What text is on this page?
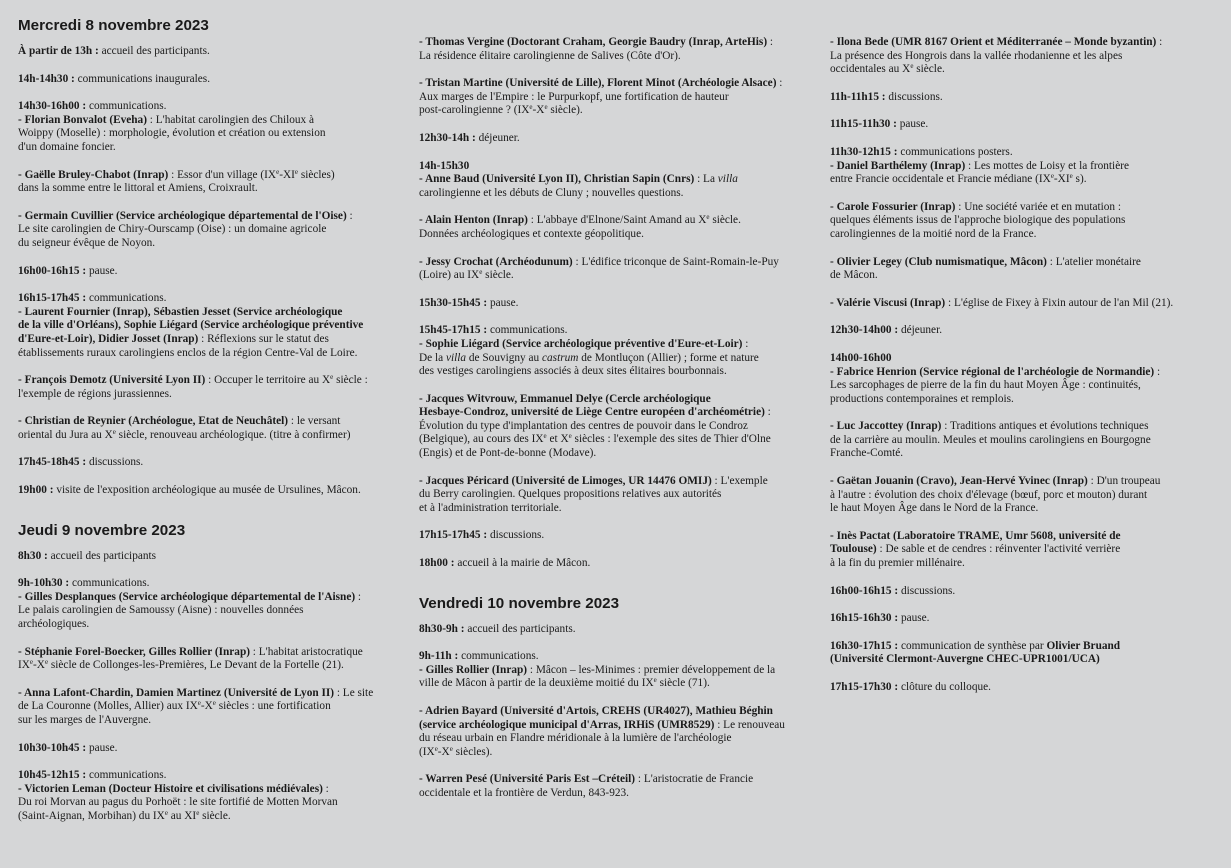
Mercredi 8 novembre 2023
À partir de 13h : accueil des participants.
14h-14h30 : communications inaugurales.
14h30-16h00 : communications.
- Florian Bonvalot (Eveha) : L'habitat carolingien des Chiloux à
Woippy (Moselle) : morphologie, évolution et création ou extension
d'un domaine foncier.
- Gaëlle Bruley-Chabot (Inrap) : Essor d'un village (IXe-XIe siècles)
dans la somme entre le littoral et Amiens, Croixrault.
- Germain Cuvillier (Service archéologique départemental de l'Oise) :
Le site carolingien de Chiry-Ourscamp (Oise) : un domaine agricole
du seigneur évêque de Noyon.
16h00-16h15 : pause.
16h15-17h45 : communications.
- Laurent Fournier (Inrap), Sébastien Jesset (Service archéologique
de la ville d'Orléans), Sophie Liégard (Service archéologique préventive
d'Eure-et-Loir), Didier Josset (Inrap) : Réflexions sur le statut des
établissements ruraux carolingiens enclos de la région Centre-Val de Loire.
- François Demotz (Université Lyon II) : Occuper le territoire au Xe siècle :
l'exemple de régions jurassiennes.
- Christian de Reynier (Archéologue, Etat de Neuchâtel) : le versant
oriental du Jura au Xe siècle, renouveau archéologique. (titre à confirmer)
17h45-18h45 : discussions.
19h00 : visite de l'exposition archéologique au musée de Ursulines, Mâcon.
Jeudi 9 novembre 2023
8h30 : accueil des participants
9h-10h30 : communications.
- Gilles Desplanques (Service archéologique départemental de l'Aisne) :
Le palais carolingien de Samoussy (Aisne) : nouvelles données
archéologiques.
- Stéphanie Forel-Boecker, Gilles Rollier (Inrap) : L'habitat aristocratique
IXe-Xe siècle de Collonges-les-Premières, Le Devant de la Fortelle (21).
- Anna Lafont-Chardin, Damien Martinez (Université de Lyon II) : Le site
de La Couronne (Molles, Allier) aux IXe-Xe siècles : une fortification
sur les marges de l'Auvergne.
10h30-10h45 : pause.
10h45-12h15 : communications.
- Victorien Leman (Docteur Histoire et civilisations médiévales) :
Du roi Morvan au pagus du Porhoët : le site fortifié de Motten Morvan
(Saint-Aignan, Morbihan) du IXe au XIe siècle.
- Thomas Vergine (Doctorant Craham, Georgie Baudry (Inrap, ArteHis) :
La résidence élitaire carolingienne de Salives (Côte d'Or).
- Tristan Martine (Université de Lille), Florent Minot (Archéologie Alsace) :
Aux marges de l'Empire : le Purpurkopf, une fortification de hauteur
post-carolingienne ? (IXe-Xe siècle).
12h30-14h : déjeuner.
14h-15h30
- Anne Baud (Université Lyon II), Christian Sapin (Cnrs) : La villa
carolingienne et les débuts de Cluny ; nouvelles questions.
- Alain Henton (Inrap) : L'abbaye d'Elnone/Saint Amand au Xe siècle.
Données archéologiques et contexte géopolitique.
- Jessy Crochat (Archéodunum) : L'édifice triconque de Saint-Romain-le-Puy
(Loire) au IXe siècle.
15h30-15h45 : pause.
15h45-17h15 : communications.
- Sophie Liégard (Service archéologique préventive d'Eure-et-Loir) :
De la villa de Souvigny au castrum de Montluçon (Allier) ; forme et nature
des vestiges carolingiens associés à deux sites élitaires bourbonnais.
- Jacques Witvrouw, Emmanuel Delye (Cercle archéologique
Hesbaye-Condroz, université de Liège Centre européen d'archéométrie) :
Évolution du type d'implantation des centres de pouvoir dans le Condroz
(Belgique), au cours des IXe et Xe siècles : l'exemple des sites de Thier d'Olne
(Engis) et de Pont-de-bonne (Modave).
- Jacques Péricard (Université de Limoges, UR 14476 OMIJ) : L'exemple
du Berry carolingien. Quelques propositions relatives aux autorités
et à l'administration territoriale.
17h15-17h45 : discussions.
18h00 : accueil à la mairie de Mâcon.
Vendredi 10 novembre 2023
8h30-9h : accueil des participants.
9h-11h : communications.
- Gilles Rollier (Inrap) : Mâcon – les-Minimes : premier développement de la
ville de Mâcon à partir de la deuxième moitié du IXe siècle (71).
- Adrien Bayard (Université d'Artois, CREHS (UR4027), Mathieu Béghin
(service archéologique municipal d'Arras, IRHiS (UMR8529) : Le renouveau
du réseau urbain en Flandre méridionale à la lumière de l'archéologie
(IXe-Xe siècles).
- Warren Pesé (Université Paris Est –Créteil) : L'aristocratie de Francie
occidentale et la frontière de Verdun, 843-923.
- Ilona Bede (UMR 8167 Orient et Méditerranée – Monde byzantin) :
La présence des Hongrois dans la vallée rhodanienne et les alpes
occidentales au Xe siècle.
11h-11h15 : discussions.
11h15-11h30 : pause.
11h30-12h15 : communications posters.
- Daniel Barthélemy (Inrap) : Les mottes de Loisy et la frontière
entre Francie occidentale et Francie médiane (IXe-XIe s).
- Carole Fossurier (Inrap) : Une société variée et en mutation :
quelques éléments issus de l'approche biologique des populations
carolingiennes de la moitié nord de la France.
- Olivier Legey (Club numismatique, Mâcon) : L'atelier monétaire
de Mâcon.
- Valérie Viscusi (Inrap) : L'église de Fixey à Fixin autour de l'an Mil (21).
12h30-14h00 : déjeuner.
14h00-16h00
- Fabrice Henrion (Service régional de l'archéologie de Normandie) :
Les sarcophages de pierre de la fin du haut Moyen Âge : continuités,
productions contemporaines et remplois.
- Luc Jaccottey (Inrap) : Traditions antiques et évolutions techniques
de la carrière au moulin. Meules et moulins carolingiens en Bourgogne
Franche-Comté.
- Gaëtan Jouanin (Cravo), Jean-Hervé Yvinec (Inrap) : D'un troupeau
à l'autre : évolution des choix d'élevage (bœuf, porc et mouton) durant
le haut Moyen Âge dans le Nord de la France.
- Inès Pactat (Laboratoire TRAME, Umr 5608, université de
Toulouse) : De sable et de cendres : réinventer l'activité verrière
à la fin du premier millénaire.
16h00-16h15 : discussions.
16h15-16h30 : pause.
16h30-17h15 : communication de synthèse par Olivier Bruand
(Université Clermont-Auvergne CHEC-UPR1001/UCA)
17h15-17h30 : clôture du colloque.
